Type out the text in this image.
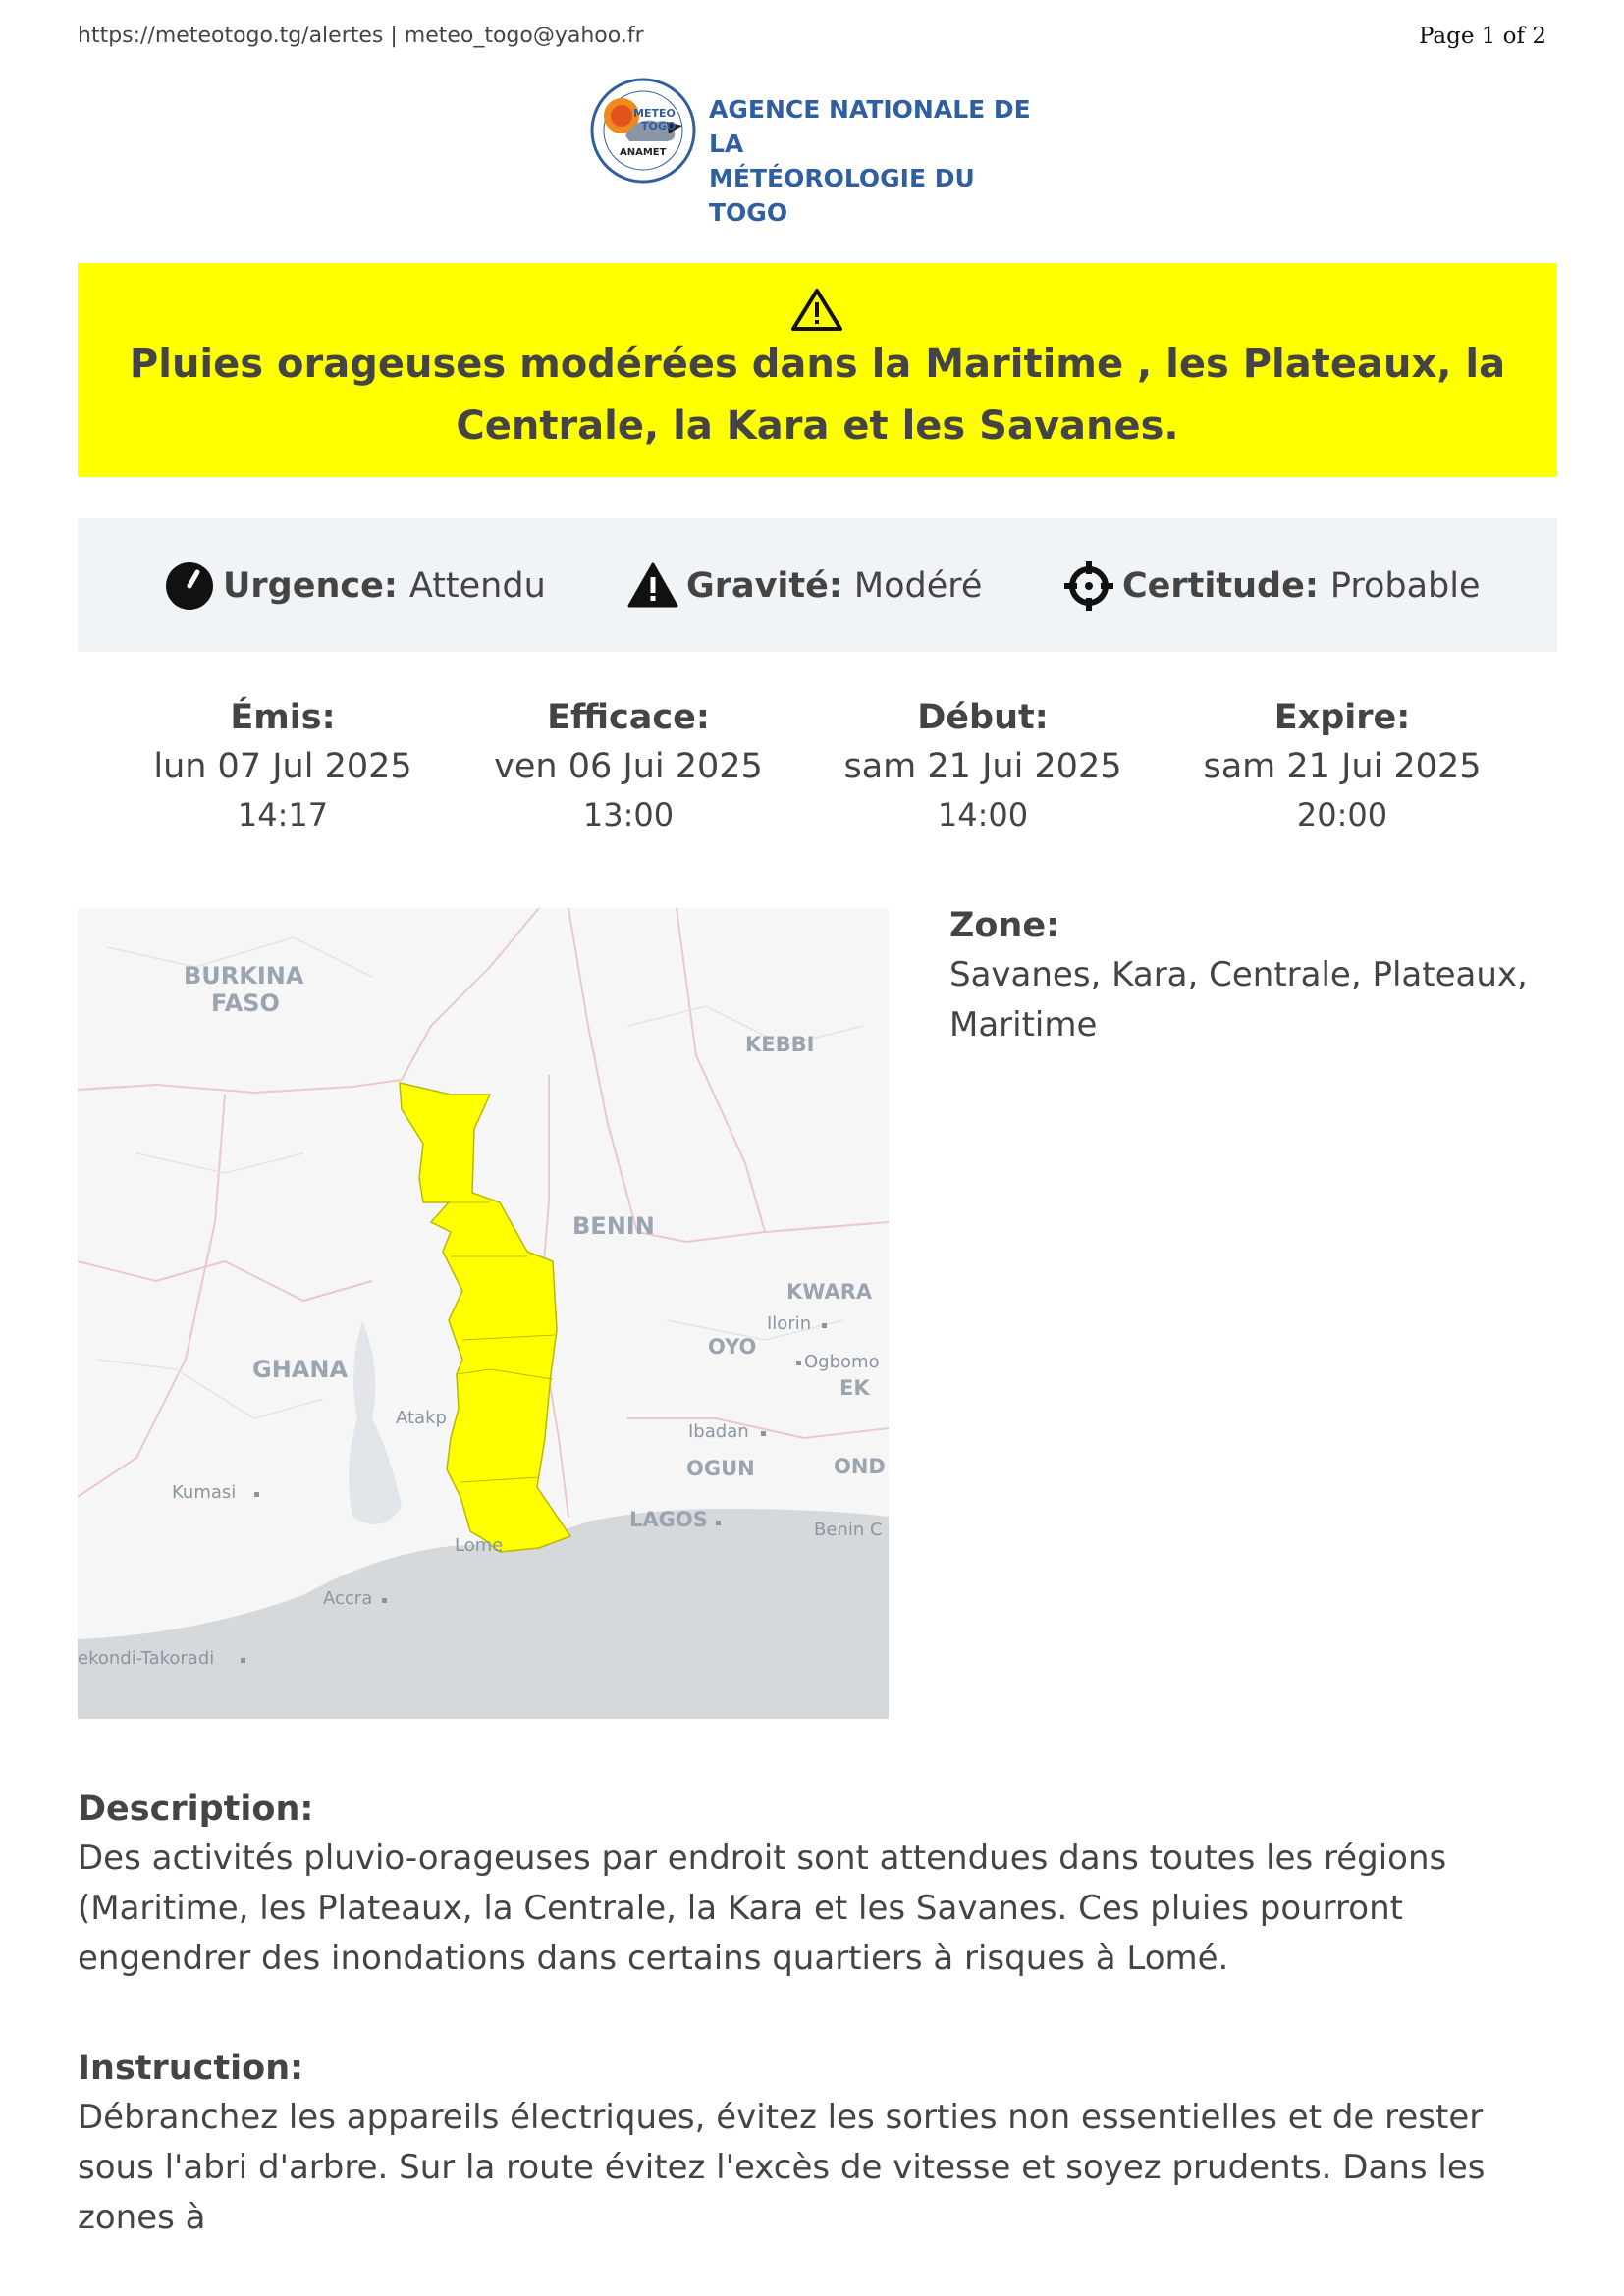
https://meteotogo.tg/alertes | meteo_togo@yahoo.fr	Page 1 of 2
METEO
TOGO
ANAMET
AGENCE NATIONALE DE LA
MÉTÉOROLOGIE DU TOGO
Pluies orageuses modérées dans la Maritime , les Plateaux, la Centrale, la Kara et les Savanes.
Urgence: Attendu	Gravité: Modéré	Certitude: Probable
Émis:
lun 07 Jul 2025
14:17
Efficace:
ven 06 Jui 2025
13:00
Début:
sam 21 Jui 2025
14:00
Expire:
sam 21 Jui 2025
20:00
BURKINA
FASO
BENIN
GHANA
KEBBI
KWARA
OYO
EK
OGUN	OND
LAGOS
Ilorin
Ogbomo
Atakp
Ibadan
Kumasi
Benin C
Lome
Accra
ekondi-Takoradi
Zone:
Savanes, Kara, Centrale, Plateaux, Maritime
Description:
Des activités pluvio-orageuses par endroit sont attendues dans toutes les régions (Maritime, les Plateaux, la Centrale, la Kara et les Savanes. Ces pluies pourront engendrer des inondations dans certains quartiers à risques à Lomé.
Instruction:
Débranchez les appareils électriques, évitez les sorties non essentielles et de rester sous l'abri d'arbre. Sur la route évitez l'excès de vitesse et soyez prudents. Dans les zones à
